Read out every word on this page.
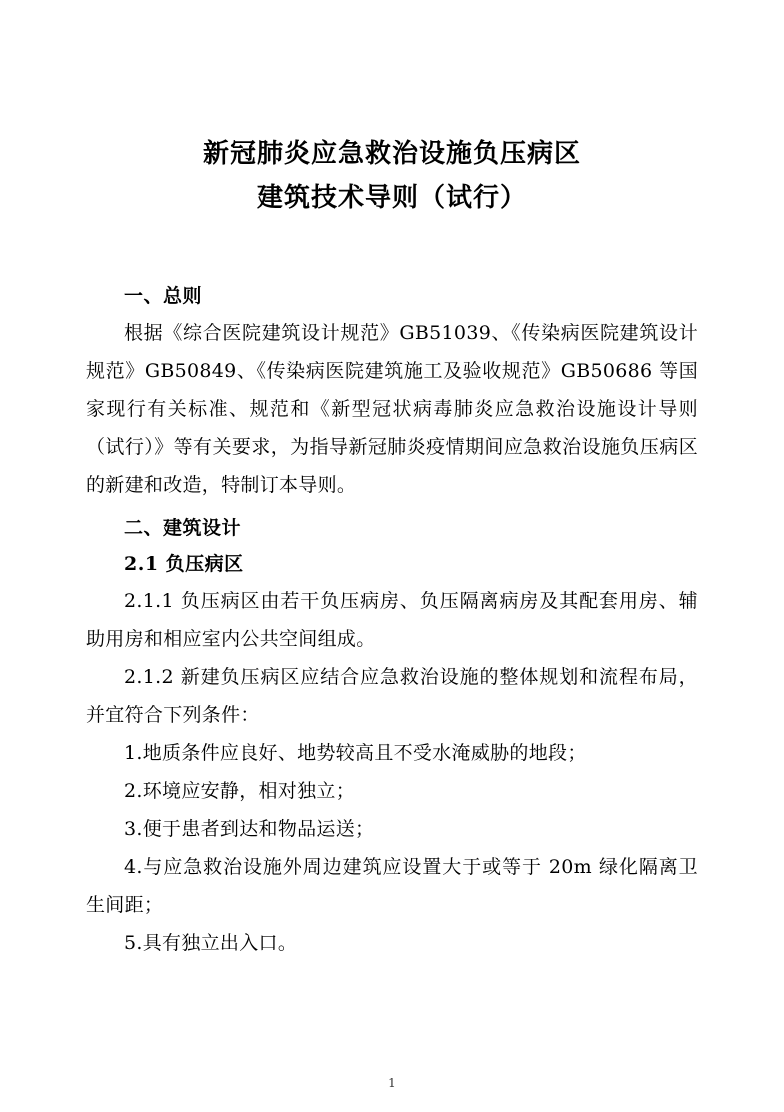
新冠肺炎应急救治设施负压病区
建筑技术导则（试行）
一、总则

根据《综合医院建筑设计规范》GB51039、《传染病医院建筑设计规范》GB50849、《传染病医院建筑施工及验收规范》GB50686 等国家现行有关标准、规范和《新型冠状病毒肺炎应急救治设施设计导则（试行）》等有关要求，为指导新冠肺炎疫情期间应急救治设施负压病区的新建和改造，特制订本导则。

二、建筑设计
2.1 负压病区

2.1.1 负压病区由若干负压病房、负压隔离病房及其配套用房、辅助用房和相应室内公共空间组成。

2.1.2 新建负压病区应结合应急救治设施的整体规划和流程布局，并宜符合下列条件：

1.地质条件应良好、地势较高且不受水淹威胁的地段；

2.环境应安静，相对独立；

3.便于患者到达和物品运送；

4.与应急救治设施外周边建筑应设置大于或等于 20m 绿化隔离卫生间距；

5.具有独立出入口。

1
